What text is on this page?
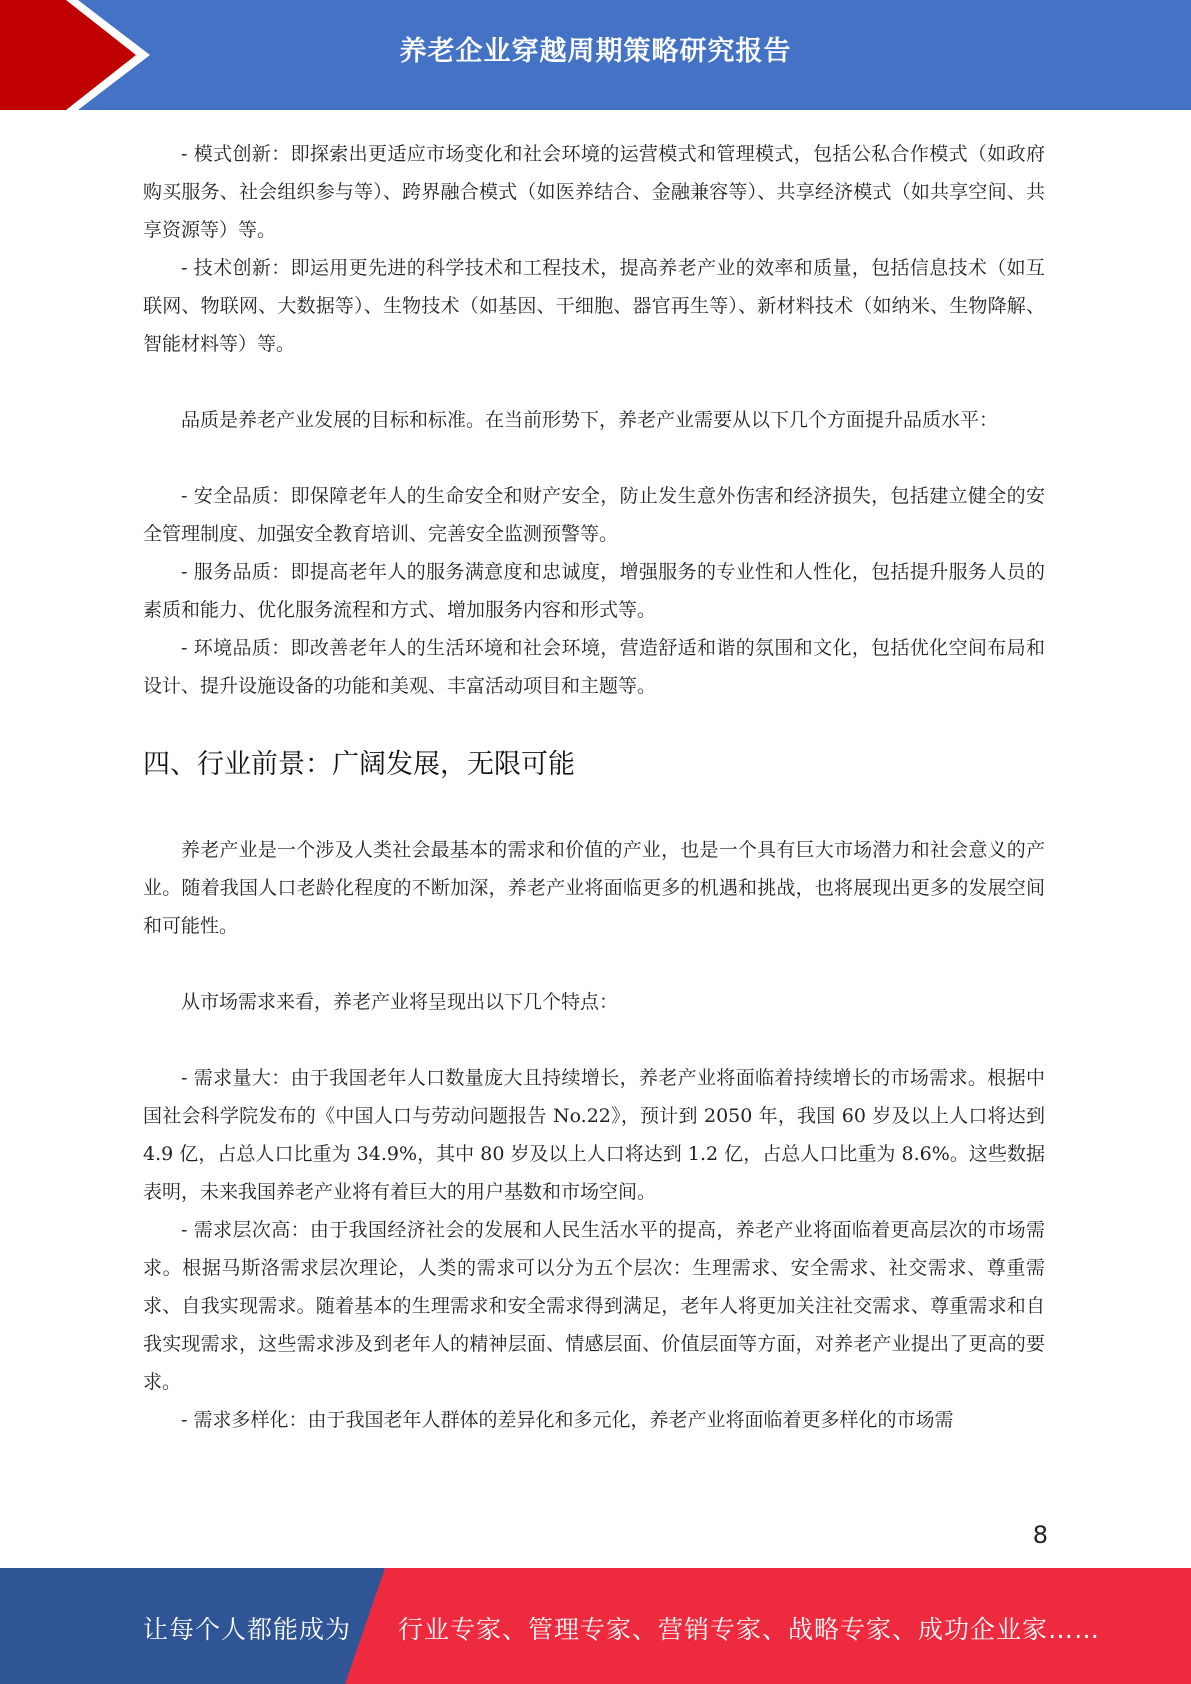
养老企业穿越周期策略研究报告

- 模式创新：即探索出更适应市场变化和社会环境的运营模式和管理模式，包括公私合作模式（如政府购买服务、社会组织参与等）、跨界融合模式（如医养结合、金融兼容等）、共享经济模式（如共享空间、共享资源等）等。

- 技术创新：即运用更先进的科学技术和工程技术，提高养老产业的效率和质量，包括信息技术（如互联网、物联网、大数据等）、生物技术（如基因、干细胞、器官再生等）、新材料技术（如纳米、生物降解、智能材料等）等。

品质是养老产业发展的目标和标准。在当前形势下，养老产业需要从以下几个方面提升品质水平：

- 安全品质：即保障老年人的生命安全和财产安全，防止发生意外伤害和经济损失，包括建立健全的安全管理制度、加强安全教育培训、完善安全监测预警等。

- 服务品质：即提高老年人的服务满意度和忠诚度，增强服务的专业性和人性化，包括提升服务人员的素质和能力、优化服务流程和方式、增加服务内容和形式等。

- 环境品质：即改善老年人的生活环境和社会环境，营造舒适和谐的氛围和文化，包括优化空间布局和设计、提升设施设备的功能和美观、丰富活动项目和主题等。

四、行业前景：广阔发展，无限可能

养老产业是一个涉及人类社会最基本的需求和价值的产业，也是一个具有巨大市场潜力和社会意义的产业。随着我国人口老龄化程度的不断加深，养老产业将面临更多的机遇和挑战，也将展现出更多的发展空间和可能性。

从市场需求来看，养老产业将呈现出以下几个特点：

- 需求量大：由于我国老年人口数量庞大且持续增长，养老产业将面临着持续增长的市场需求。根据中国社会科学院发布的《中国人口与劳动问题报告 No.22》，预计到 2050 年，我国 60 岁及以上人口将达到 4.9 亿，占总人口比重为 34.9%，其中 80 岁及以上人口将达到 1.2 亿，占总人口比重为 8.6%。这些数据表明，未来我国养老产业将有着巨大的用户基数和市场空间。

- 需求层次高：由于我国经济社会的发展和人民生活水平的提高，养老产业将面临着更高层次的市场需求。根据马斯洛需求层次理论，人类的需求可以分为五个层次：生理需求、安全需求、社交需求、尊重需求、自我实现需求。随着基本的生理需求和安全需求得到满足，老年人将更加关注社交需求、尊重需求和自我实现需求，这些需求涉及到老年人的精神层面、情感层面、价值层面等方面，对养老产业提出了更高的要求。

- 需求多样化：由于我国老年人群体的差异化和多元化，养老产业将面临着更多样化的市场需

8
让每个人都能成为 行业专家、管理专家、营销专家、战略专家、成功企业家……
